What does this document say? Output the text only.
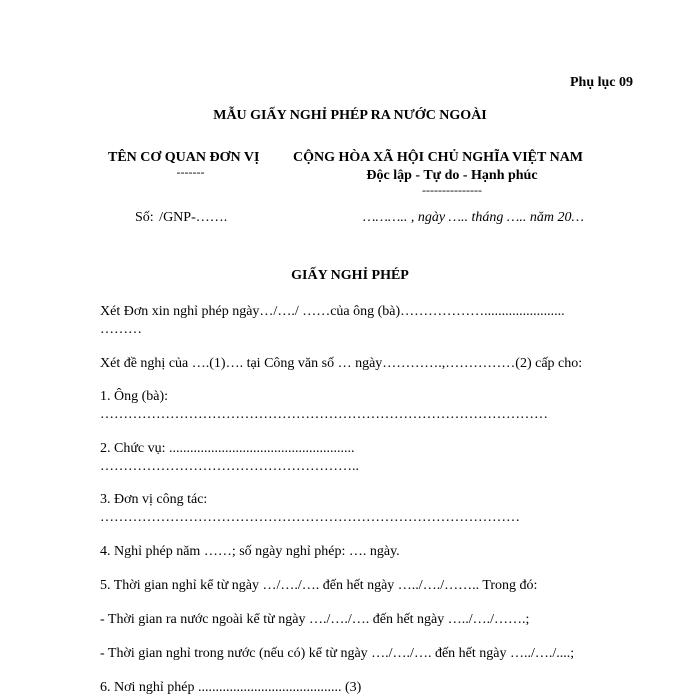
Phụ lục 09
MẪU GIẤY NGHỈ PHÉP RA NƯỚC NGOÀI
TÊN CƠ QUAN ĐƠN VỊ
-------
CỘNG HÒA XÃ HỘI CHỦ NGHĨA VIỆT NAM
Độc lập - Tự do - Hạnh phúc
---------------
Số: /GNP-…….	……….. , ngày ….. tháng ….. năm 20…
GIẤY NGHỈ PHÉP
Xét Đơn xin nghỉ phép ngày…/…./ ……của ông (bà)……………….......................
………
Xét đề nghị của ….(1)…. tại Công văn số … ngày………….,……………(2) cấp cho:
1. Ông (bà):
……………………………………………………………………………………
2. Chức vụ: .....................................................
………………………………………………..
3. Đơn vị công tác:
………………………………………………………………………………
4. Nghỉ phép năm ……; số ngày nghỉ phép: …. ngày.
5. Thời gian nghỉ kể từ ngày …/…./…. đến hết ngày …../…./…….. Trong đó:
- Thời gian ra nước ngoài kể từ ngày …./…./…. đến hết ngày …../…./…….;
- Thời gian nghỉ trong nước (nếu có) kể từ ngày …./…./…. đến hết ngày …../…./....;
6. Nơi nghỉ phép ......................................... (3)
